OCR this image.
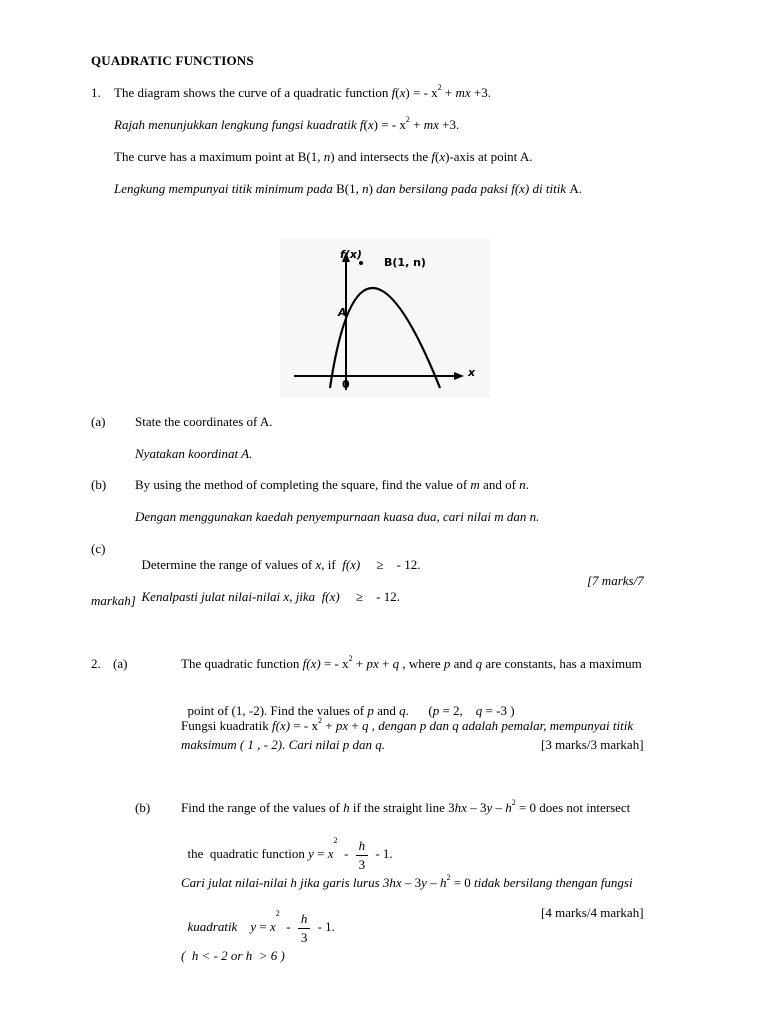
QUADRATIC FUNCTIONS
1. The diagram shows the curve of a quadratic function f(x) = - $x^2$ + mx +3.
Rajah menunjukkan lengkung fungsi kuadratik f(x) = - $x^2$ + mx +3.
The curve has a maximum point at B(1, n) and intersects the f(x)-axis at point A.
Lengkung mempunyai titik minimum pada B(1, n) dan bersilang pada paksi f(x) di titik A.
f(x)
B(1, n)
A
0
x
(a) State the coordinates of A.
Nyatakan koordinat A.
(b) By using the method of completing the square, find the value of m and of n.
Dengan menggunakan kaedah penyempurnaan kuasa dua, cari nilai m dan n.
(c)

Determine the range of values of x, if  f(x)     ≥    - 12.

Kenalpasti julat nilai-nilai x, jika  f(x)     ≥    - 12.

[7 marks/7
markah]
2. (a)	The quadratic function f(x) = - $x^2$ + px + q , where p and q are constants, has a maximum

point of (1, -2). Find the values of p and q.      (p = 2,    q = -3 )

Fungsi kuadratik f(x) = - $x^2$ + px + q , dengan p dan q adalah pemalar, mempunyai titik
maksimum ( 1 , - 2). Cari nilai p dan q.	[3 marks/3 markah]
(b) Find the range of the values of h if the straight line $3hx - 3y - h^2 = 0$ does not intersect

the  quadratic function $y = x^2 - \frac{h}{3} - 1$.

Cari julat nilai-nilai h jika garis lurus $3hx - 3y - h^2 = 0$ tidak bersilang thengan fungsi

kuadratik    $y = x^2 - \frac{h}{3} - 1$.

[4 marks/4 markah]
(  h < - 2 or h  > 6 )
